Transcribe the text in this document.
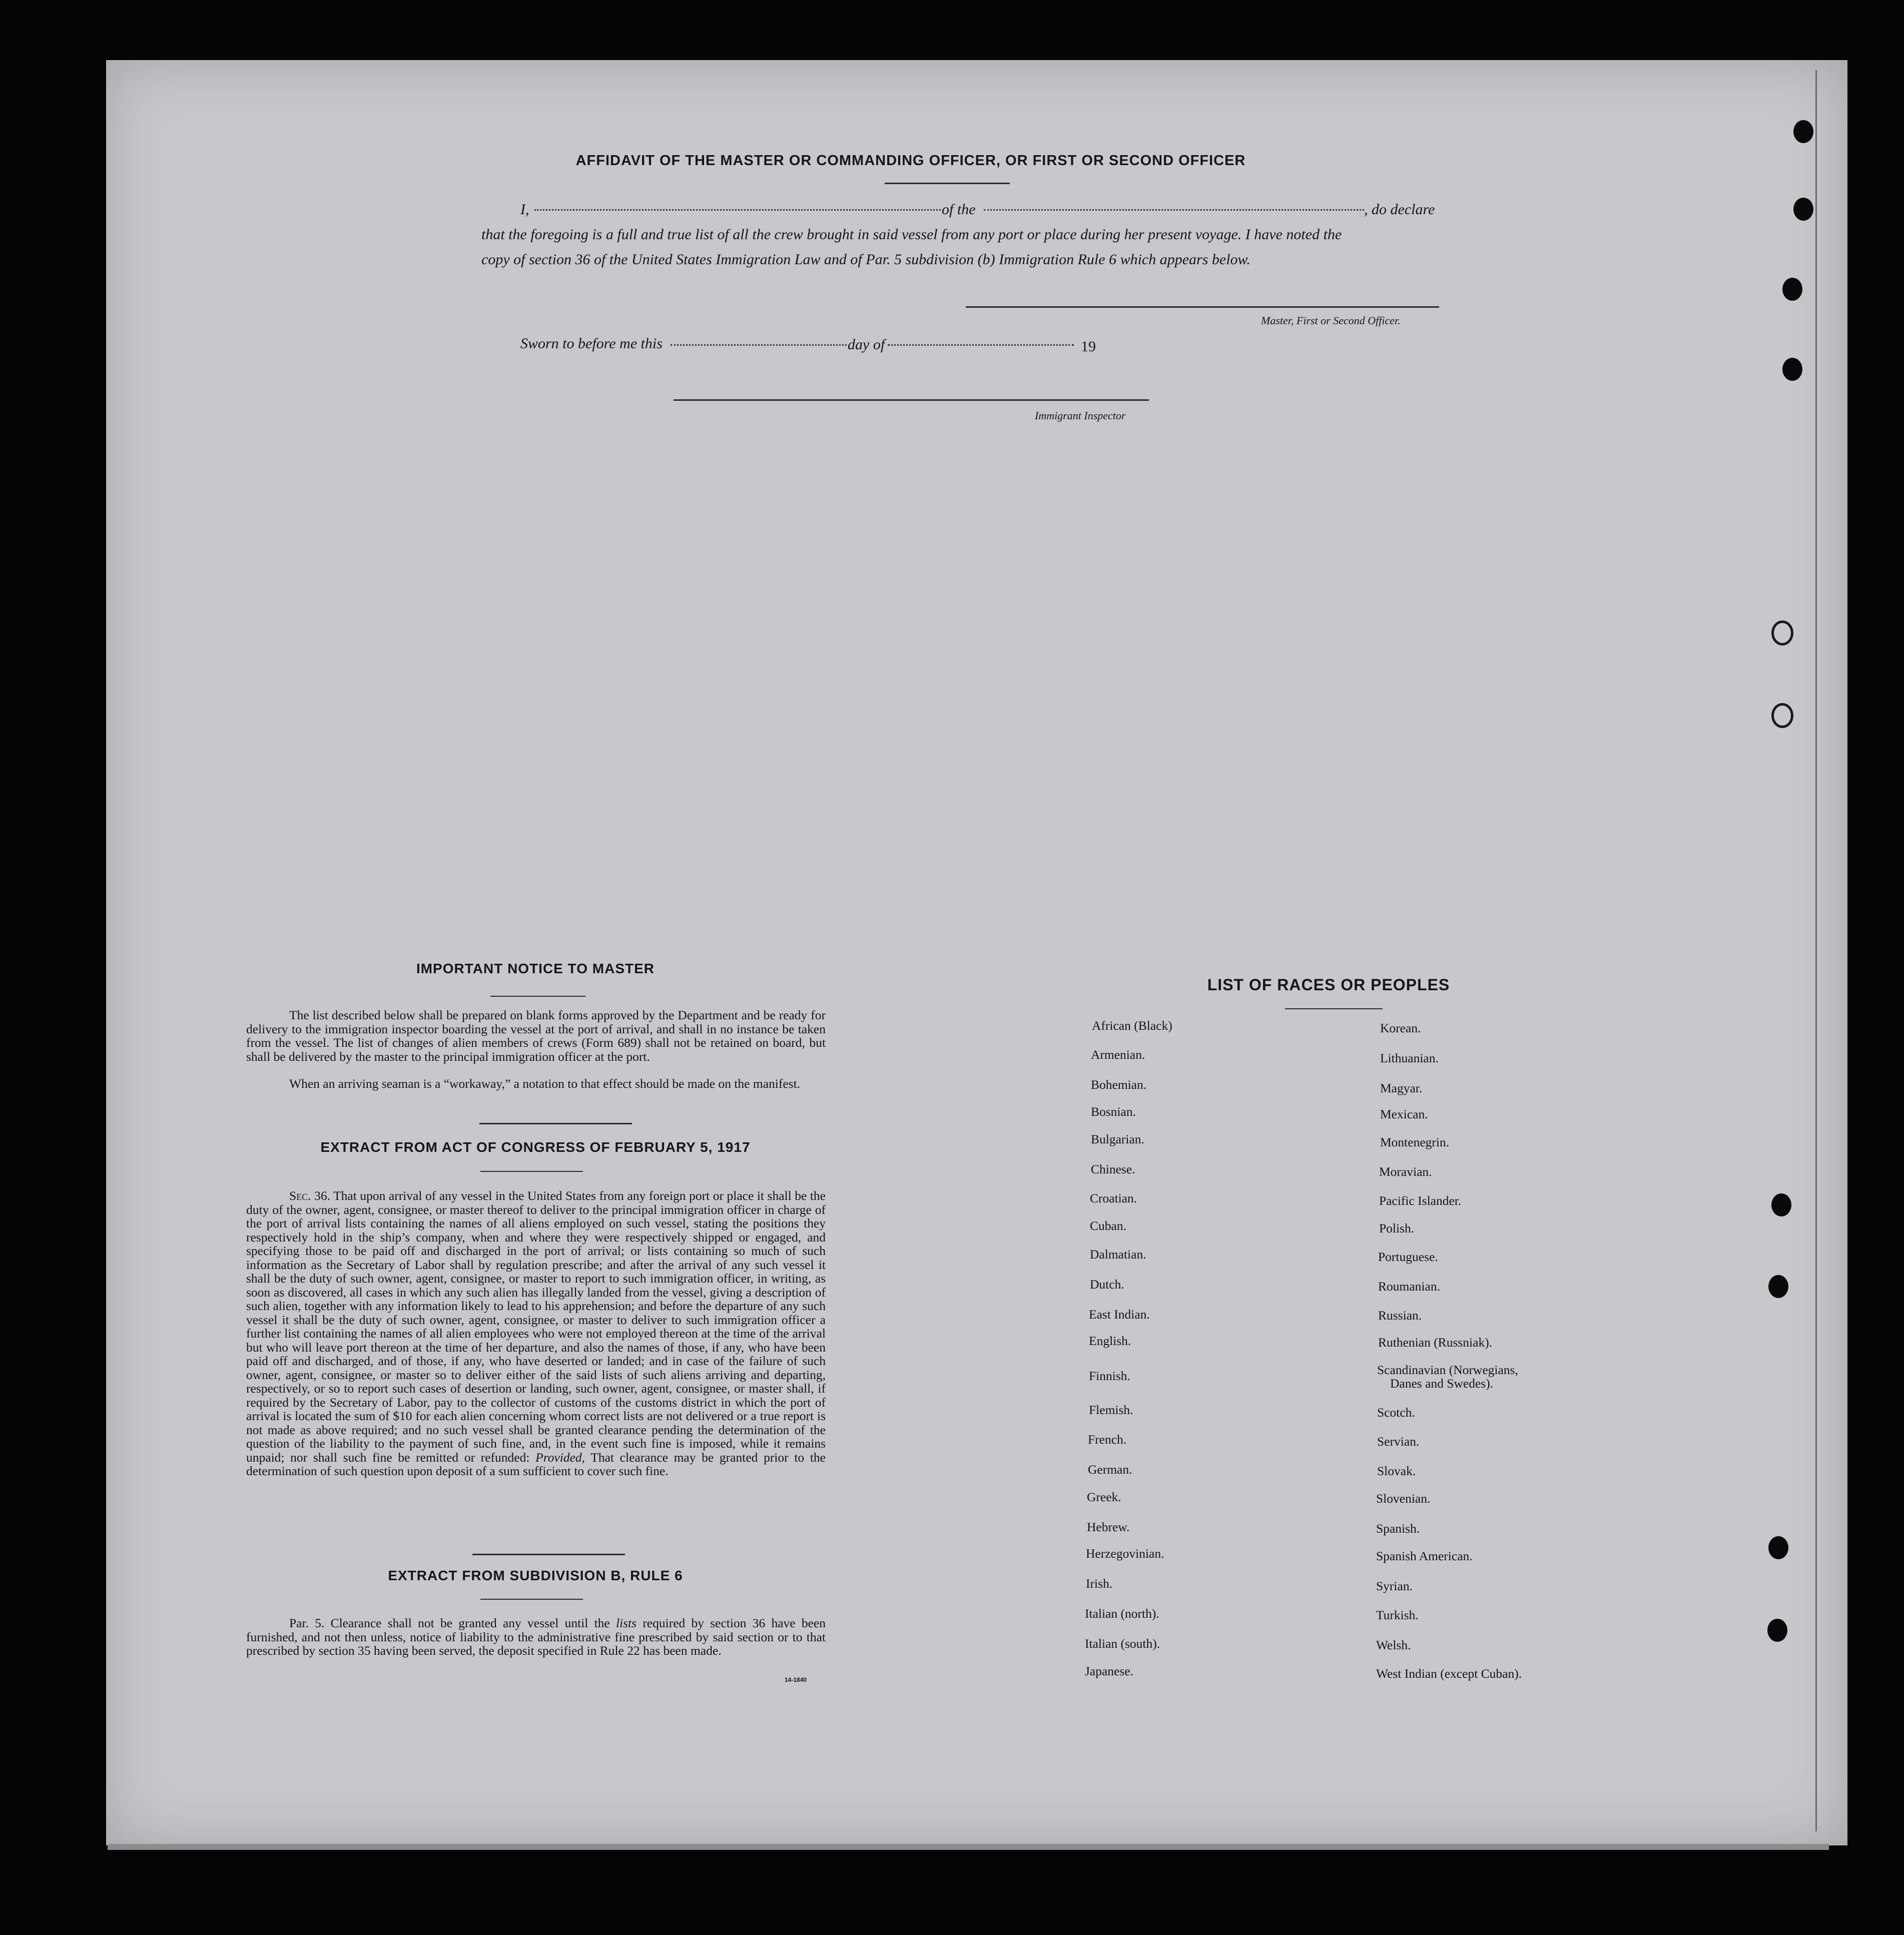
AFFIDAVIT OF THE MASTER OR COMMANDING OFFICER, OR FIRST OR SECOND OFFICER
I,	of the	, do declare
that the foregoing is a full and true list of all the crew brought in said vessel from any port or place during her present voyage. I have noted the
copy of section 36 of the United States Immigration Law and of Par. 5 subdivision (b) Immigration Rule 6 which appears below.
Master, First or Second Officer.
Sworn to before me this	day of	19
Immigrant Inspector
IMPORTANT NOTICE TO MASTER
The list described below shall be prepared on blank forms approved by the Department and be ready for delivery to the immigration inspector boarding the vessel at the port of arrival, and shall in no instance be taken from the vessel. The list of changes of alien members of crews (Form 689) shall not be retained on board, but shall be delivered by the master to the principal immigration officer at the port.
When an arriving seaman is a “workaway,” a notation to that effect should be made on the manifest.
EXTRACT FROM ACT OF CONGRESS OF FEBRUARY 5, 1917
Sec. 36. That upon arrival of any vessel in the United States from any foreign port or place it shall be the duty of the owner, agent, consignee, or master thereof to deliver to the principal immigration officer in charge of the port of arrival lists containing the names of all aliens employed on such vessel, stating the positions they respectively hold in the ship’s company, when and where they were respectively shipped or engaged, and specifying those to be paid off and discharged in the port of arrival; or lists containing so much of such information as the Secretary of Labor shall by regulation prescribe; and after the arrival of any such vessel it shall be the duty of such owner, agent, consignee, or master to report to such immigration officer, in writing, as soon as discovered, all cases in which any such alien has illegally landed from the vessel, giving a description of such alien, together with any information likely to lead to his apprehension; and before the departure of any such vessel it shall be the duty of such owner, agent, consignee, or master to deliver to such immigration officer a further list containing the names of all alien employees who were not employed thereon at the time of the arrival but who will leave port thereon at the time of her departure, and also the names of those, if any, who have been paid off and discharged, and of those, if any, who have deserted or landed; and in case of the failure of such owner, agent, consignee, or master so to deliver either of the said lists of such aliens arriving and departing, respectively, or so to report such cases of desertion or landing, such owner, agent, consignee, or master shall, if required by the Secretary of Labor, pay to the collector of customs of the customs district in which the port of arrival is located the sum of $10 for each alien concerning whom correct lists are not delivered or a true report is not made as above required; and no such vessel shall be granted clearance pending the determination of the question of the liability to the payment of such fine, and, in the event such fine is imposed, while it remains unpaid; nor shall such fine be remitted or refunded: Provided, That clearance may be granted prior to the determination of such question upon deposit of a sum sufficient to cover such fine.
EXTRACT FROM SUBDIVISION B, RULE 6
Par. 5. Clearance shall not be granted any vessel until the lists required by section 36 have been furnished, and not then unless, notice of liability to the administrative fine prescribed by said section or to that prescribed by section 35 having been served, the deposit specified in Rule 22 has been made.
14-1840
LIST OF RACES OR PEOPLES
African (Black)
Armenian.
Bohemian.
Bosnian.
Bulgarian.
Chinese.
Croatian.
Cuban.
Dalmatian.
Dutch.
East Indian.
English.
Finnish.
Flemish.
French.
German.
Greek.
Hebrew.
Herzegovinian.
Irish.
Italian (north).
Italian (south).
Japanese.
Korean.
Lithuanian.
Magyar.
Mexican.
Montenegrin.
Moravian.
Pacific Islander.
Polish.
Portuguese.
Roumanian.
Russian.
Ruthenian (Russniak).
Scandinavian (Norwegians,
Danes and Swedes).
Scotch.
Servian.
Slovak.
Slovenian.
Spanish.
Spanish American.
Syrian.
Turkish.
Welsh.
West Indian (except Cuban).
